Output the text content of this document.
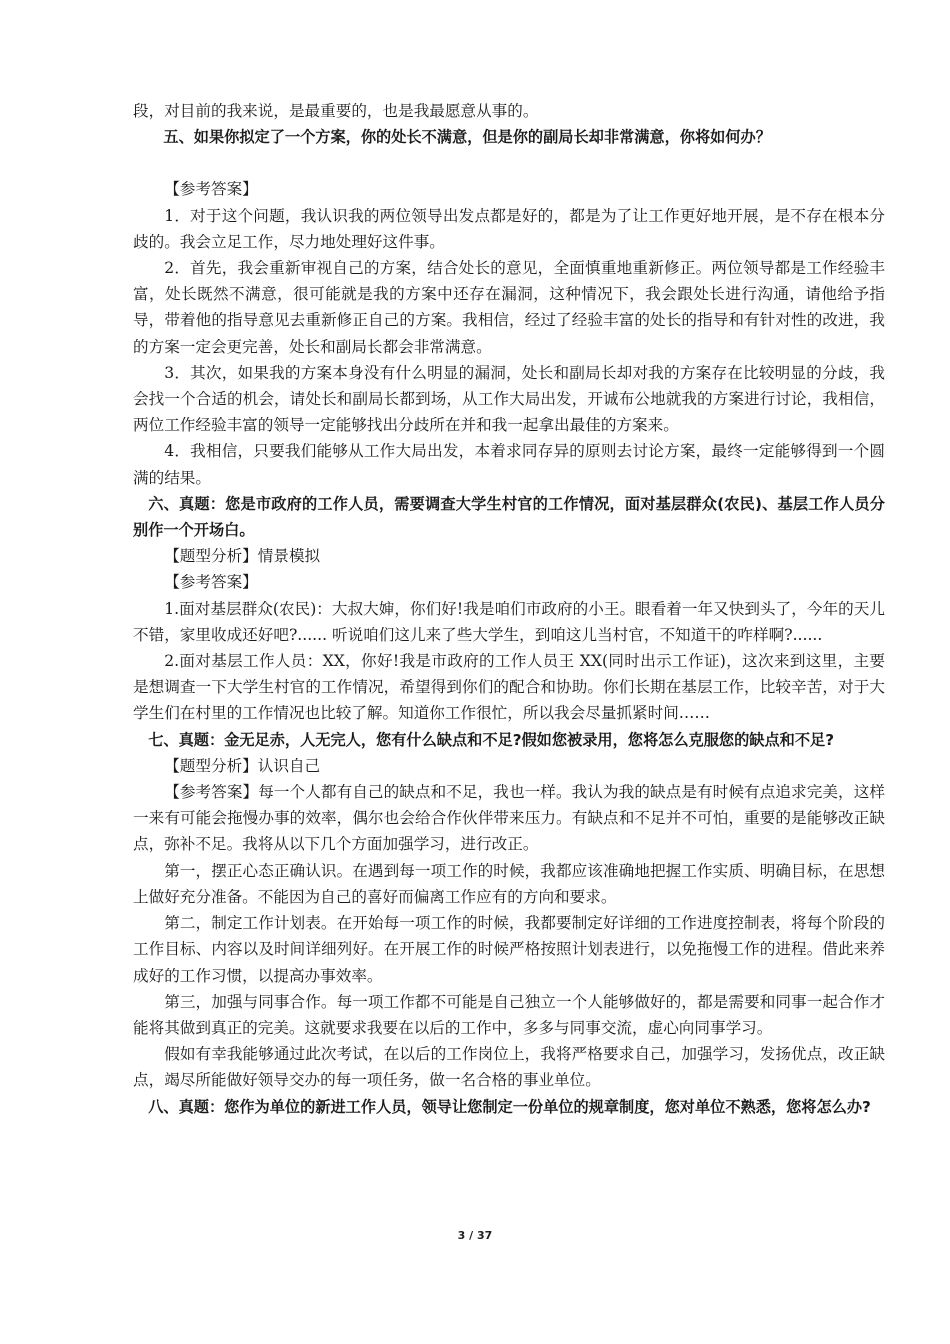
段，对目前的我来说，是最重要的，也是我最愿意从事的。

五、如果你拟定了一个方案，你的处长不满意，但是你的副局长却非常满意，你将如何办？

【参考答案】

1．对于这个问题，我认识我的两位领导出发点都是好的，都是为了让工作更好地开展，是不存在根本分歧的。我会立足工作，尽力地处理好这件事。

2．首先，我会重新审视自己的方案，结合处长的意见，全面慎重地重新修正。两位领导都是工作经验丰富，处长既然不满意，很可能就是我的方案中还存在漏洞，这种情况下，我会跟处长进行沟通，请他给予指导，带着他的指导意见去重新修正自己的方案。我相信，经过了经验丰富的处长的指导和有针对性的改进，我的方案一定会更完善，处长和副局长都会非常满意。

3．其次，如果我的方案本身没有什么明显的漏洞，处长和副局长却对我的方案存在比较明显的分歧，我会找一个合适的机会，请处长和副局长都到场，从工作大局出发，开诚布公地就我的方案进行讨论，我相信，两位工作经验丰富的领导一定能够找出分歧所在并和我一起拿出最佳的方案来。

4．我相信，只要我们能够从工作大局出发，本着求同存异的原则去讨论方案，最终一定能够得到一个圆满的结果。

六、真题：您是市政府的工作人员，需要调查大学生村官的工作情况，面对基层群众(农民)、基层工作人员分别作一个开场白。

【题型分析】情景模拟

【参考答案】

1.面对基层群众(农民)：大叔大婶，你们好!我是咱们市政府的小王。眼看着一年又快到头了，今年的天儿不错，家里收成还好吧?...... 听说咱们这儿来了些大学生，到咱这儿当村官，不知道干的咋样啊?......

2.面对基层工作人员：XX，你好!我是市政府的工作人员王 XX(同时出示工作证)，这次来到这里，主要是想调查一下大学生村官的工作情况，希望得到你们的配合和协助。你们长期在基层工作，比较辛苦，对于大学生们在村里的工作情况也比较了解。知道你工作很忙，所以我会尽量抓紧时间……

七、真题：金无足赤，人无完人，您有什么缺点和不足?假如您被录用，您将怎么克服您的缺点和不足?

【题型分析】认识自己

【参考答案】每一个人都有自己的缺点和不足，我也一样。我认为我的缺点是有时候有点追求完美，这样一来有可能会拖慢办事的效率，偶尔也会给合作伙伴带来压力。有缺点和不足并不可怕，重要的是能够改正缺点，弥补不足。我将从以下几个方面加强学习，进行改正。

第一，摆正心态正确认识。在遇到每一项工作的时候，我都应该准确地把握工作实质、明确目标，在思想上做好充分准备。不能因为自己的喜好而偏离工作应有的方向和要求。

第二，制定工作计划表。在开始每一项工作的时候，我都要制定好详细的工作进度控制表，将每个阶段的工作目标、内容以及时间详细列好。在开展工作的时候严格按照计划表进行，以免拖慢工作的进程。借此来养成好的工作习惯，以提高办事效率。

第三，加强与同事合作。每一项工作都不可能是自己独立一个人能够做好的，都是需要和同事一起合作才能将其做到真正的完美。这就要求我要在以后的工作中，多多与同事交流，虚心向同事学习。

假如有幸我能够通过此次考试，在以后的工作岗位上，我将严格要求自己，加强学习，发扬优点，改正缺点，竭尽所能做好领导交办的每一项任务，做一名合格的事业单位。

八、真题：您作为单位的新进工作人员，领导让您制定一份单位的规章制度，您对单位不熟悉，您将怎么办?

3 / 37
